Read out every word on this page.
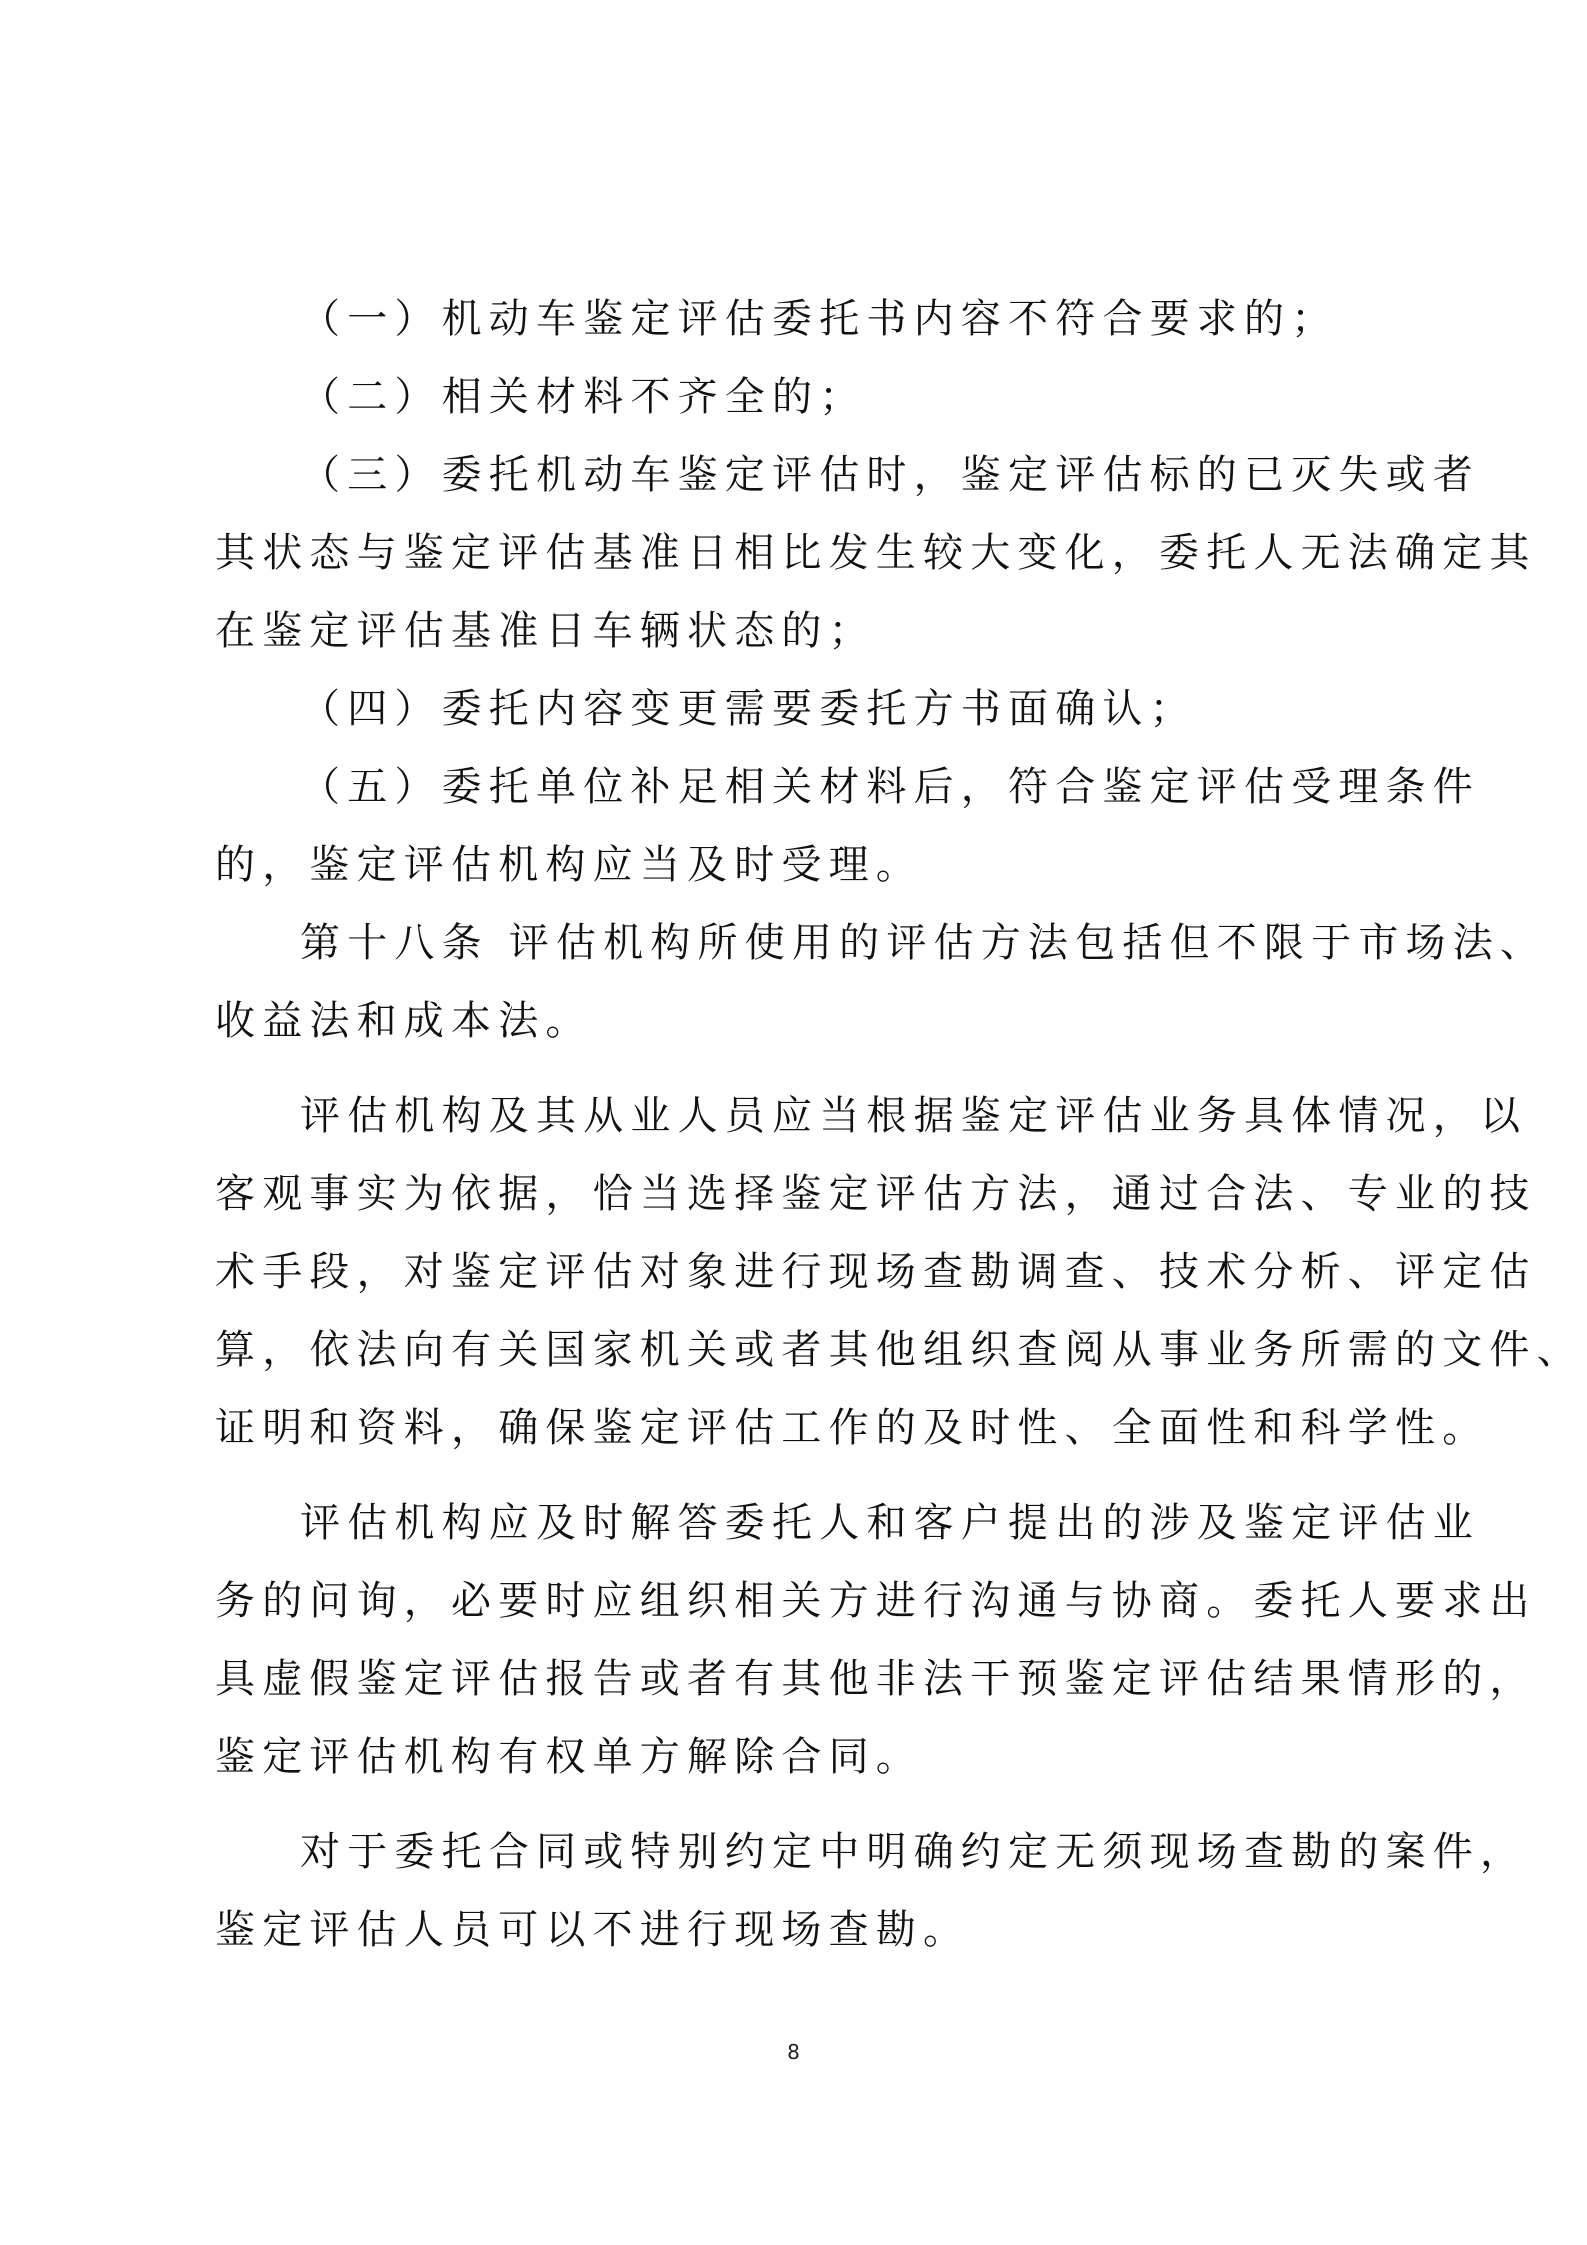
（一）机动车鉴定评估委托书内容不符合要求的；
（二）相关材料不齐全的；
（三）委托机动车鉴定评估时，鉴定评估标的已灭失或者
其状态与鉴定评估基准日相比发生较大变化，委托人无法确定其
在鉴定评估基准日车辆状态的；
（四）委托内容变更需要委托方书面确认；
（五）委托单位补足相关材料后，符合鉴定评估受理条件
的，鉴定评估机构应当及时受理。
第十八条 评估机构所使用的评估方法包括但不限于市场法、
收益法和成本法。
评估机构及其从业人员应当根据鉴定评估业务具体情况，以
客观事实为依据，恰当选择鉴定评估方法，通过合法、专业的技
术手段，对鉴定评估对象进行现场查勘调查、技术分析、评定估
算，依法向有关国家机关或者其他组织查阅从事业务所需的文件、
证明和资料，确保鉴定评估工作的及时性、全面性和科学性。
评估机构应及时解答委托人和客户提出的涉及鉴定评估业
务的问询，必要时应组织相关方进行沟通与协商。委托人要求出
具虚假鉴定评估报告或者有其他非法干预鉴定评估结果情形的，
鉴定评估机构有权单方解除合同。
对于委托合同或特别约定中明确约定无须现场查勘的案件，
鉴定评估人员可以不进行现场查勘。
8
